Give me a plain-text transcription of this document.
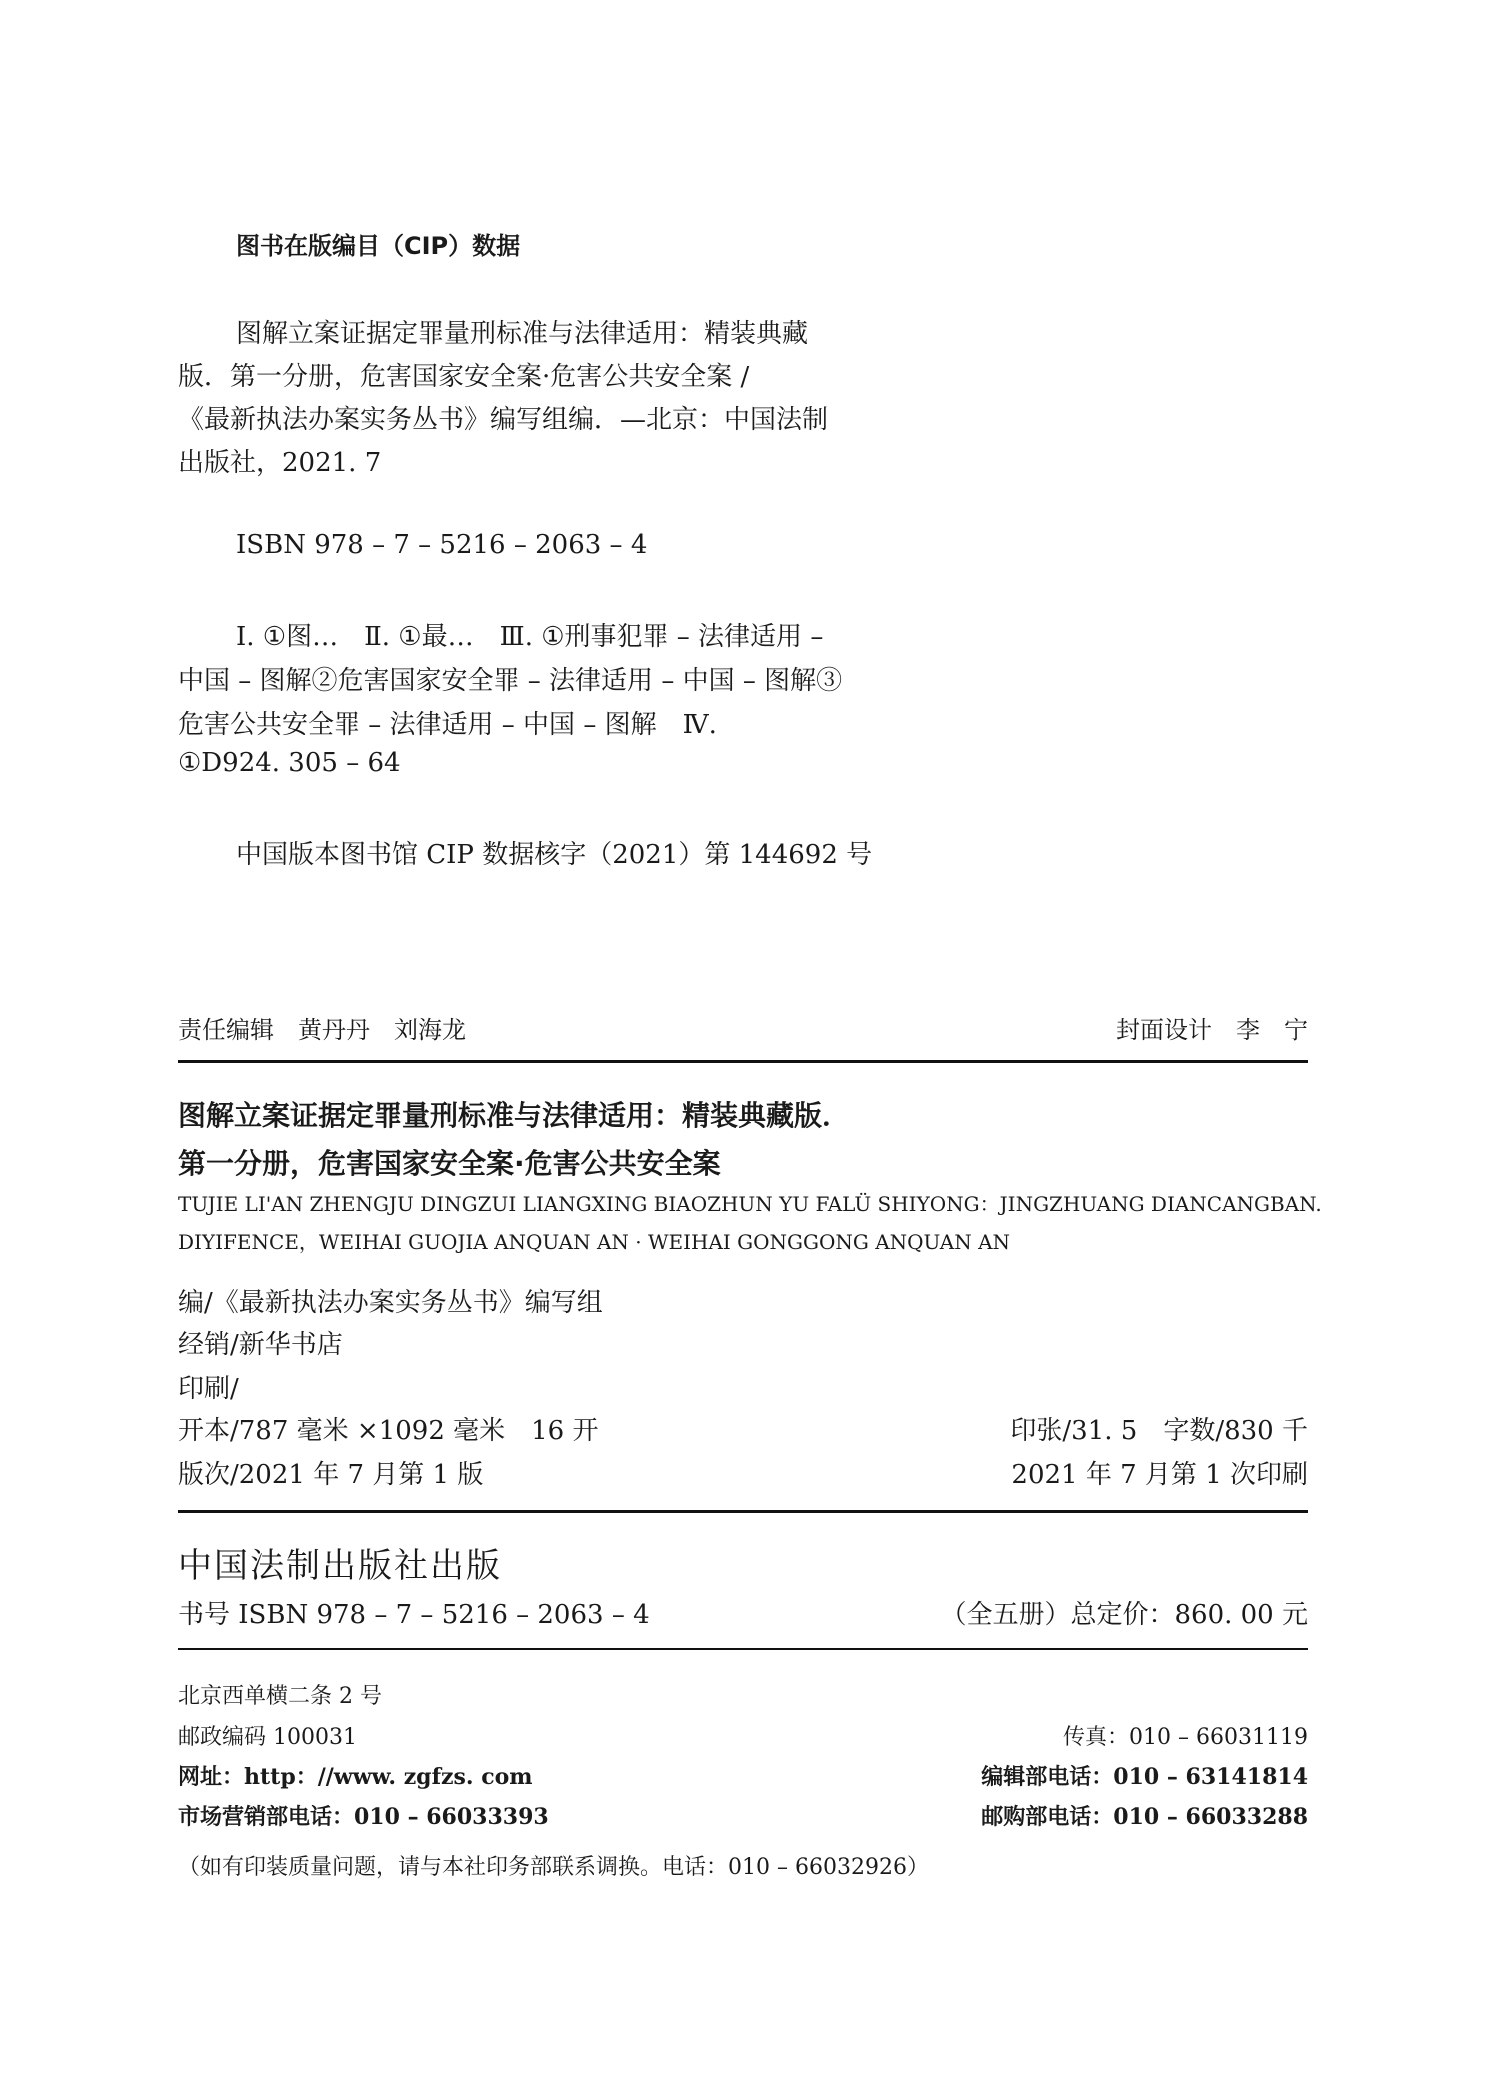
图书在版编目（CIP）数据
图解立案证据定罪量刑标准与法律适用：精装典藏
版．第一分册，危害国家安全案·危害公共安全案 /
《最新执法办案实务丛书》编写组编．—北京：中国法制
出版社，2021. 7
ISBN 978 – 7 – 5216 – 2063 – 4
Ⅰ. ①图…　Ⅱ. ①最…　Ⅲ. ①刑事犯罪 – 法律适用 –
中国 – 图解②危害国家安全罪 – 法律适用 – 中国 – 图解③
危害公共安全罪 – 法律适用 – 中国 – 图解　Ⅳ.
①D924. 305 – 64
中国版本图书馆 CIP 数据核字（2021）第 144692 号
责任编辑　黄丹丹　刘海龙	封面设计　李　宁
图解立案证据定罪量刑标准与法律适用：精装典藏版．
第一分册，危害国家安全案·危害公共安全案
TUJIE LI'AN ZHENGJU DINGZUI LIANGXING BIAOZHUN YU FALÜ SHIYONG：JINGZHUANG DIANCANGBAN.
DIYIFENCE，WEIHAI GUOJIA ANQUAN AN · WEIHAI GONGGONG ANQUAN AN
编/《最新执法办案实务丛书》编写组
经销/新华书店
印刷/
开本/787 毫米 ×1092 毫米　16 开	印张/31. 5　字数/830 千
版次/2021 年 7 月第 1 版	2021 年 7 月第 1 次印刷
中国法制出版社出版
书号 ISBN 978 – 7 – 5216 – 2063 – 4	（全五册）总定价：860. 00 元
北京西单横二条 2 号
邮政编码 100031	传真：010 – 66031119
网址：http：//www. zgfzs. com	编辑部电话：010 – 63141814
市场营销部电话：010 – 66033393	邮购部电话：010 – 66033288
（如有印装质量问题，请与本社印务部联系调换。电话：010 – 66032926）
